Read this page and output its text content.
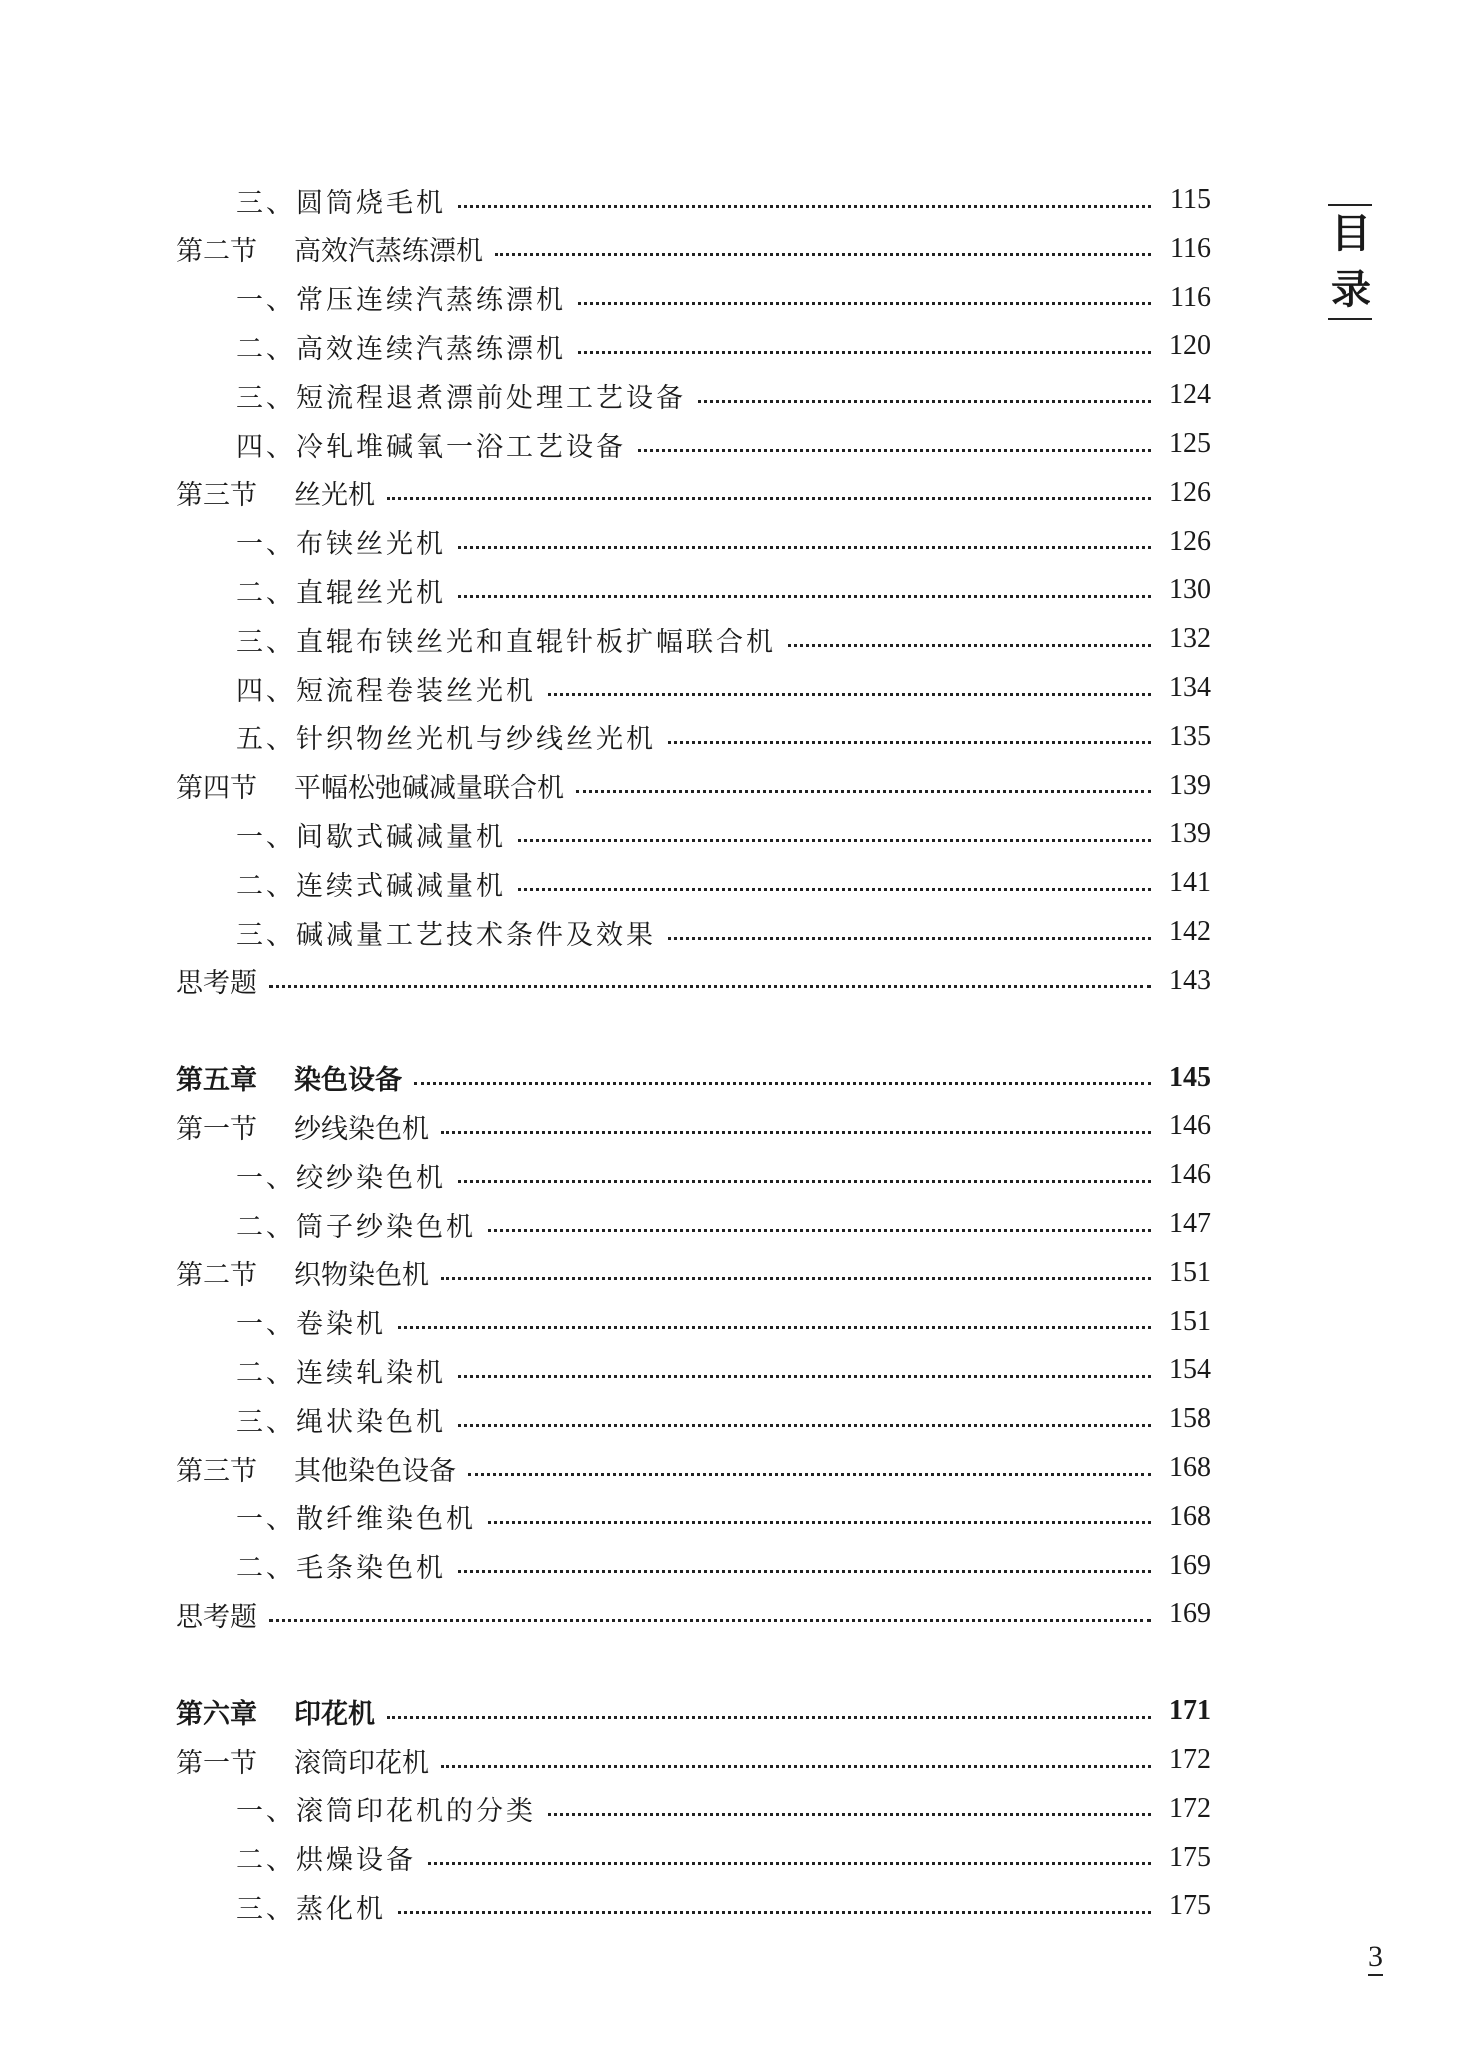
三、圆筒烧毛机	115
第二节 高效汽蒸练漂机	116
一、常压连续汽蒸练漂机	116
二、高效连续汽蒸练漂机	120
三、短流程退煮漂前处理工艺设备	124
四、冷轧堆碱氧一浴工艺设备	125
第三节 丝光机	126
一、布铗丝光机	126
二、直辊丝光机	130
三、直辊布铗丝光和直辊针板扩幅联合机	132
四、短流程卷装丝光机	134
五、针织物丝光机与纱线丝光机	135
第四节 平幅松弛碱减量联合机	139
一、间歇式碱减量机	139
二、连续式碱减量机	141
三、碱减量工艺技术条件及效果	142
思考题	143
第五章 染色设备	145
第一节 纱线染色机	146
一、绞纱染色机	146
二、筒子纱染色机	147
第二节 织物染色机	151
一、卷染机	151
二、连续轧染机	154
三、绳状染色机	158
第三节 其他染色设备	168
一、散纤维染色机	168
二、毛条染色机	169
思考题	169
第六章 印花机	171
第一节 滚筒印花机	172
一、滚筒印花机的分类	172
二、烘燥设备	175
三、蒸化机	175
目
录
3
